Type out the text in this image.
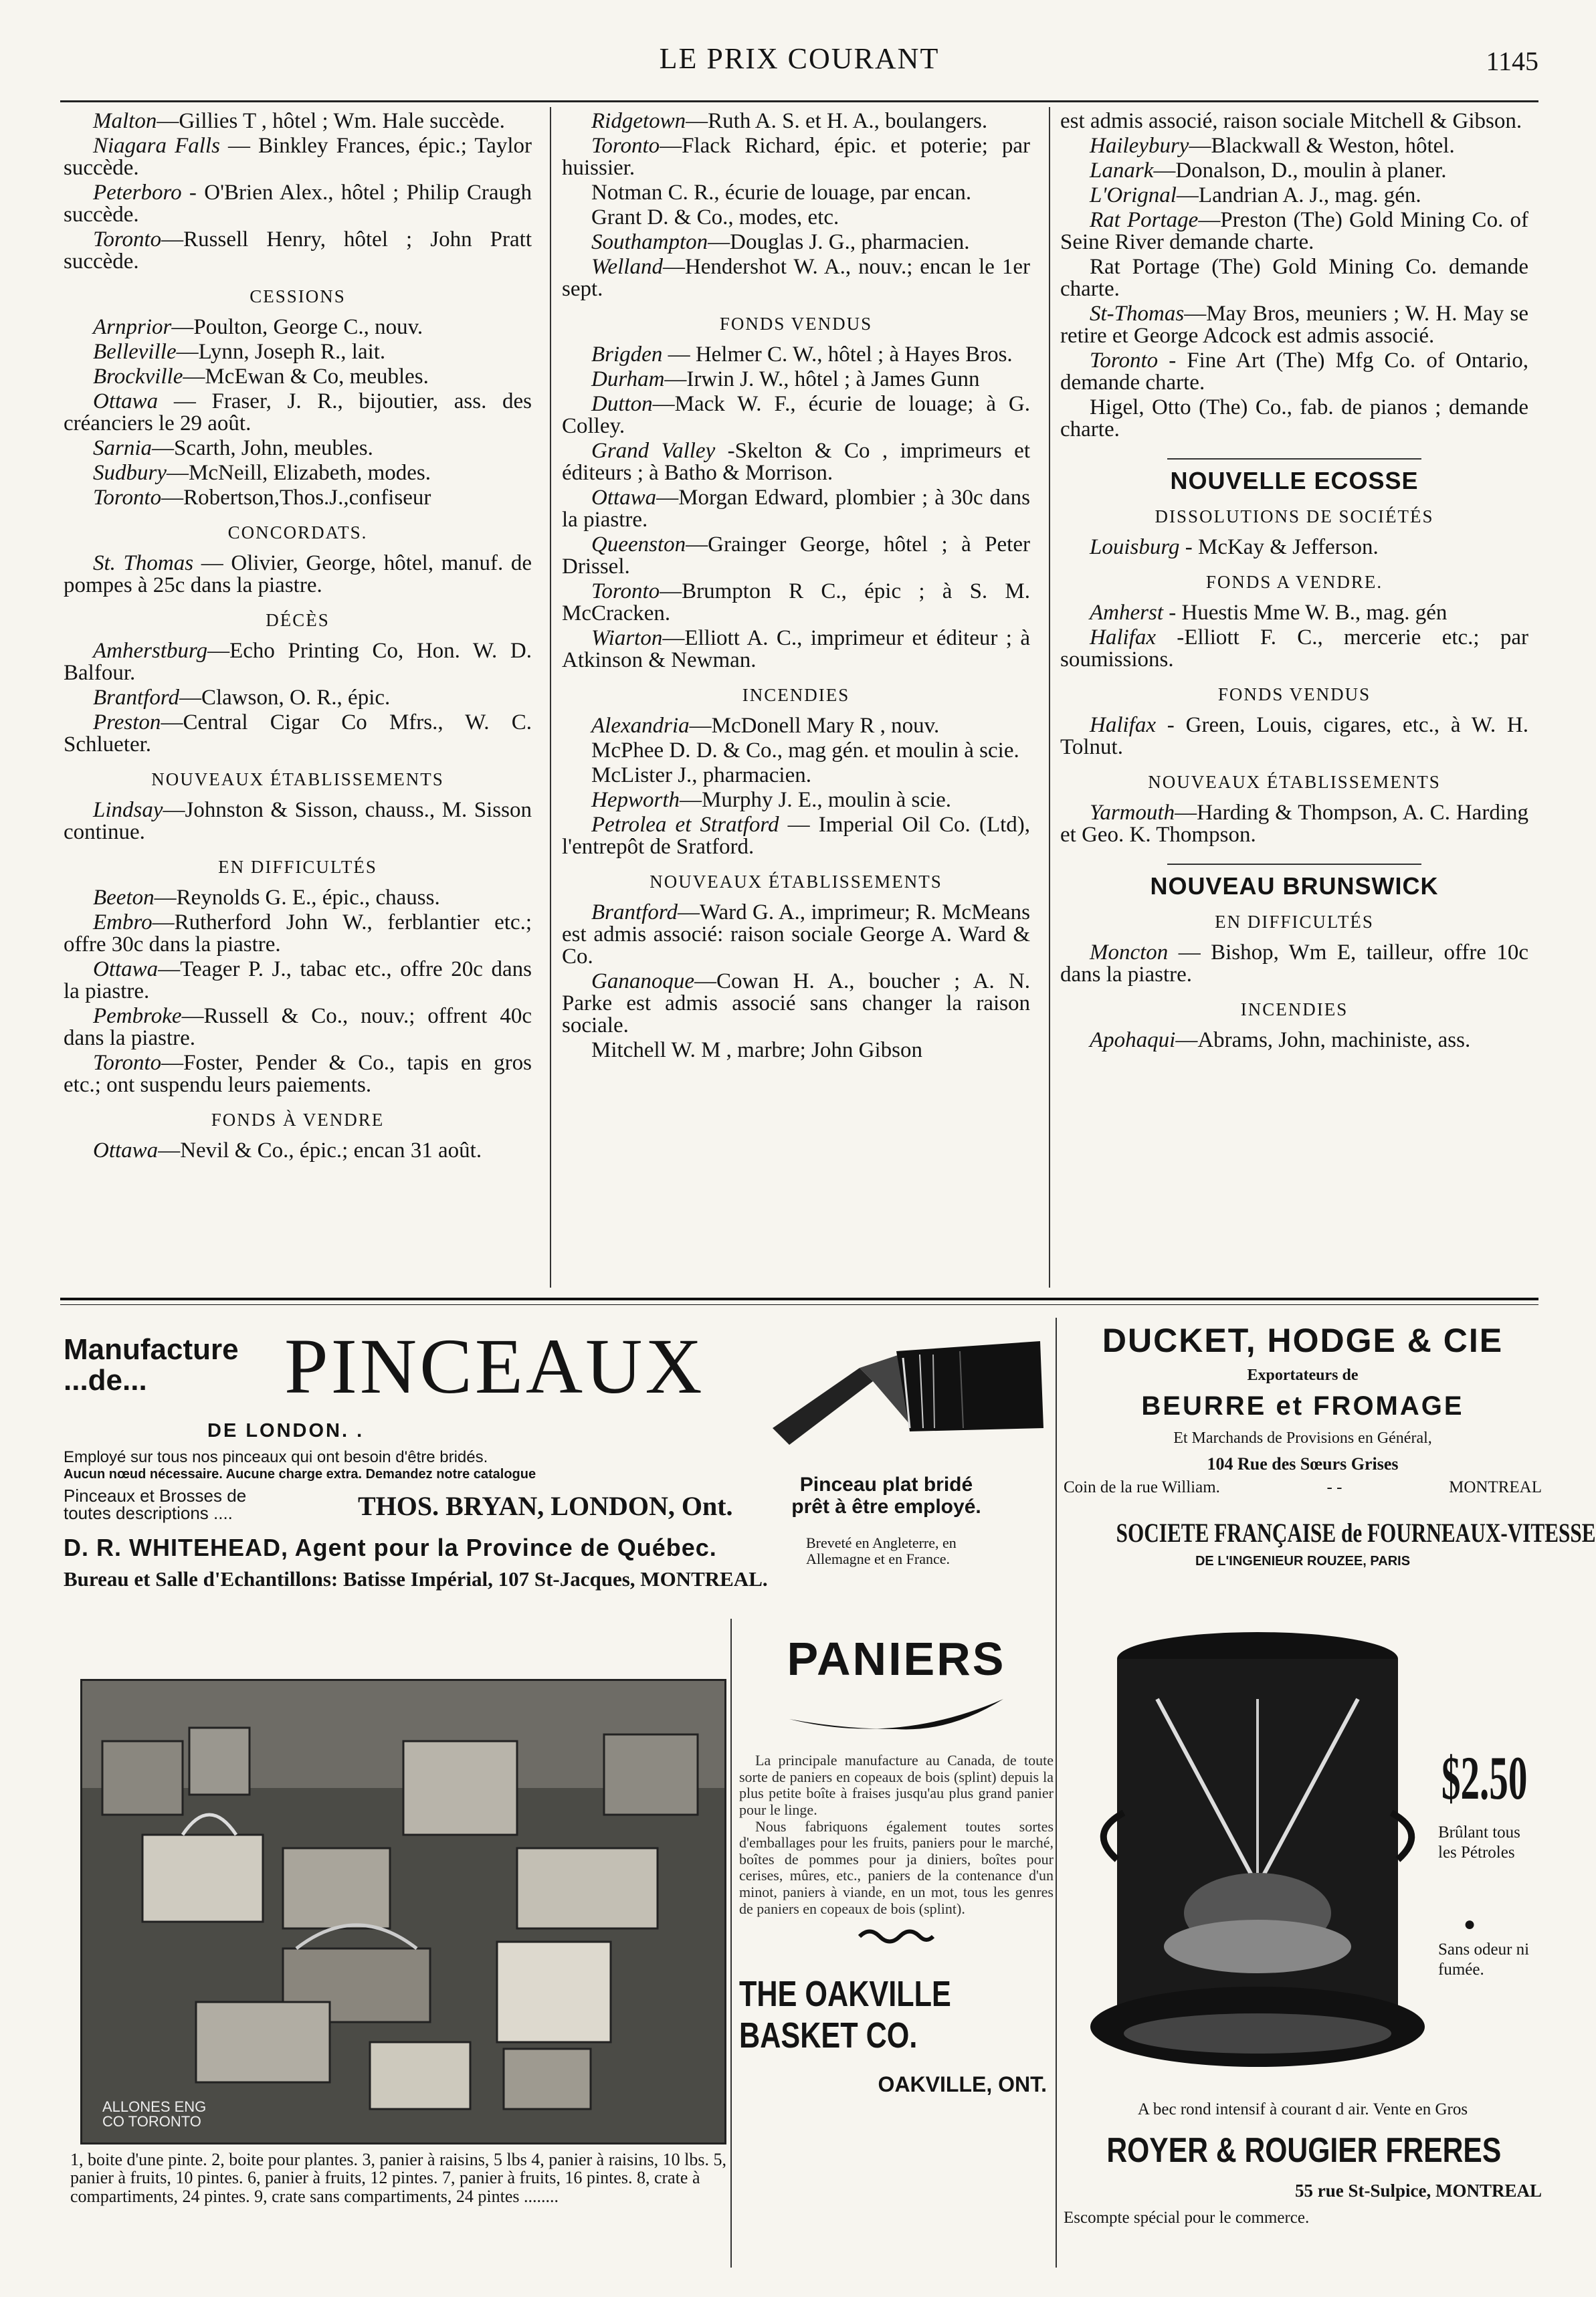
LE PRIX COURANT	1145

Malton—Gillies T , hôtel ; Wm. Hale succède.

Niagara Falls — Binkley Frances, épic.; Taylor succède.

Peterboro - O'Brien Alex., hôtel ; Philip Craugh succède.

Toronto—Russell Henry, hôtel ; John Pratt succède.

CESSIONS

Arnprior—Poulton, George C., nouv.

Belleville—Lynn, Joseph R., lait.

Brockville—McEwan & Co, meubles.

Ottawa — Fraser, J. R., bijoutier, ass. des créanciers le 29 août.

Sarnia—Scarth, John, meubles.

Sudbury—McNeill, Elizabeth, modes.

Toronto—Robertson,Thos.J.,confiseur

CONCORDATS.

St. Thomas — Olivier, George, hôtel, manuf. de pompes à 25c dans la piastre.

DÉCÈS

Amherstburg—Echo Printing Co, Hon. W. D. Balfour.

Brantford—Clawson, O. R., épic.

Preston—Central Cigar Co Mfrs., W. C. Schlueter.

NOUVEAUX ÉTABLISSEMENTS

Lindsay—Johnston & Sisson, chauss., M. Sisson continue.

EN DIFFICULTÉS

Beeton—Reynolds G. E., épic., chauss.

Embro—Rutherford John W., ferblantier etc.; offre 30c dans la piastre.

Ottawa—Teager P. J., tabac etc., offre 20c dans la piastre.

Pembroke—Russell & Co., nouv.; offrent 40c dans la piastre.

Toronto—Foster, Pender & Co., tapis en gros etc.; ont suspendu leurs paiements.

FONDS À VENDRE

Ottawa—Nevil & Co., épic.; encan 31 août.

Ridgetown—Ruth A. S. et H. A., boulangers.

Toronto—Flack Richard, épic. et poterie; par huissier.

Notman C. R., écurie de louage, par encan.

Grant D. & Co., modes, etc.

Southampton—Douglas J. G., pharmacien.

Welland—Hendershot W. A., nouv.; encan le 1er sept.

FONDS VENDUS

Brigden — Helmer C. W., hôtel ; à Hayes Bros.

Durham—Irwin J. W., hôtel ; à James Gunn

Dutton—Mack W. F., écurie de louage; à G. Colley.

Grand Valley -Skelton & Co , imprimeurs et éditeurs ; à Batho & Morrison.

Ottawa—Morgan Edward, plombier ; à 30c dans la piastre.

Queenston—Grainger George, hôtel ; à Peter Drissel.

Toronto—Brumpton R C., épic ; à S. M. McCracken.

Wiarton—Elliott A. C., imprimeur et éditeur ; à Atkinson & Newman.

INCENDIES

Alexandria—McDonell Mary R , nouv.

McPhee D. D. & Co., mag gén. et moulin à scie.

McLister J., pharmacien.

Hepworth—Murphy J. E., moulin à scie.

Petrolea et Stratford — Imperial Oil Co. (Ltd), l'entrepôt de Sratford.

NOUVEAUX ÉTABLISSEMENTS

Brantford—Ward G. A., imprimeur; R. McMeans est admis associé: raison sociale George A. Ward & Co.

Gananoque—Cowan H. A., boucher ; A. N. Parke est admis associé sans changer la raison sociale.

Mitchell W. M , marbre; John Gibson

est admis associé, raison sociale Mitchell & Gibson.

Haileybury—Blackwall & Weston, hôtel.

Lanark—Donalson, D., moulin à planer.

L'Orignal—Landrian A. J., mag. gén.

Rat Portage—Preston (The) Gold Mining Co. of Seine River demande charte.

Rat Portage (The) Gold Mining Co. demande charte.

St-Thomas—May Bros, meuniers ; W. H. May se retire et George Adcock est admis associé.

Toronto - Fine Art (The) Mfg Co. of Ontario, demande charte.

Higel, Otto (The) Co., fab. de pianos ; demande charte.

NOUVELLE ECOSSE
DISSOLUTIONS DE SOCIÉTÉS

Louisburg - McKay & Jefferson.

FONDS A VENDRE.

Amherst - Huestis Mme W. B., mag. gén

Halifax -Elliott F. C., mercerie etc.; par soumissions.

FONDS VENDUS

Halifax - Green, Louis, cigares, etc., à W. H. Tolnut.

NOUVEAUX ÉTABLISSEMENTS

Yarmouth—Harding & Thompson, A. C. Harding et Geo. K. Thompson.

NOUVEAU BRUNSWICK
EN DIFFICULTÉS

Moncton — Bishop, Wm E, tailleur, offre 10c dans la piastre.

INCENDIES

Apohaqui—Abrams, John, machiniste, ass.

Manufacture
...de...	PINCEAUX
DE LONDON. .
Employé sur tous nos pinceaux qui ont besoin d'être bridés.
Aucun nœud nécessaire. Aucune charge extra. Demandez notre catalogue
Pinceaux et Brosses de
toutes descriptions ....	THOS. BRYAN, LONDON, Ont.
D. R. WHITEHEAD, Agent pour la Province de Québec.
Bureau et Salle d'Echantillons: Batisse Impérial, 107 St-Jacques, MONTREAL.
Pinceau plat bridé
prêt à être employé.
Breveté en Angleterre, en
Allemagne et en France.
DUCKET, HODGE & CIE
Exportateurs de
BEURRE et FROMAGE
Et Marchands de Provisions en Général,
104 Rue des Sœurs Grises
Coin de la rue William.	- -	MONTREAL
SOCIETE FRANÇAISE de FOURNEAUX-VITESSE
DE L'INGENIEUR ROUZEE, PARIS
ALLONES ENG CO TORONTO
1, boite d'une pinte. 2, boite pour plantes. 3, panier à raisins, 5 lbs 4, panier à raisins, 10 lbs. 5, panier à fruits, 10 pintes. 6, panier à fruits, 12 pintes. 7, panier à fruits, 16 pintes. 8, crate à compartiments, 24 pintes. 9, crate sans compartiments, 24 pintes ........
PANIERS
La principale manufacture au Canada, de toute sorte de paniers en copeaux de bois (splint) depuis la plus petite boîte à fraises jusqu'au plus grand panier pour le linge.
Nous fabriquons également toutes sortes d'emballages pour les fruits, paniers pour le marché, boîtes de pommes pour ja diniers, boîtes pour cerises, mûres, etc., paniers de la contenance d'un minot, paniers à viande, en un mot, tous les genres de paniers en copeaux de bois (splint).
THE OAKVILLE
BASKET CO.
OAKVILLE, ONT.
$2.50
Brûlant tous les Pétroles
●
Sans odeur ni fumée.
A bec rond intensif à courant d air. Vente en Gros
ROYER & ROUGIER FRERES
55 rue St-Sulpice, MONTREAL
Escompte spécial pour le commerce.
